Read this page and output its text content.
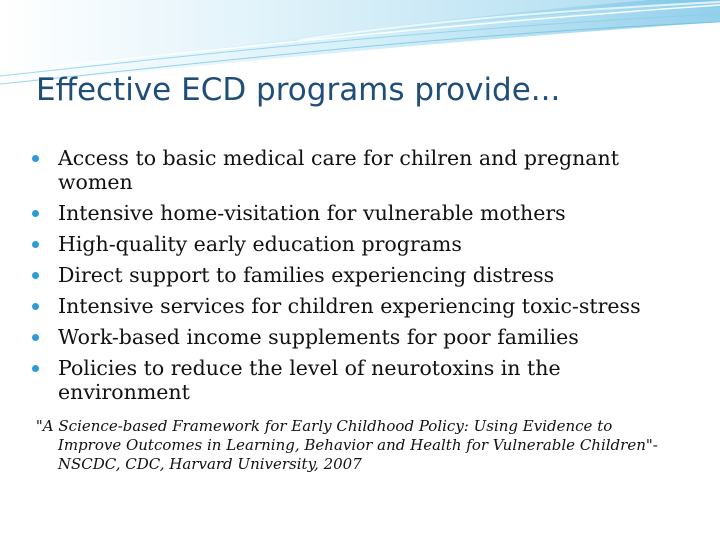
Effective ECD programs provide...
Access to basic medical care for chilren and pregnant women
Intensive home-visitation for vulnerable mothers
High-quality early education programs
Direct support to families experiencing distress
Intensive services for children experiencing toxic-stress
Work-based income supplements for poor families
Policies to reduce the level of neurotoxins in the environment

"A Science-based Framework for Early Childhood Policy: Using Evidence to
Improve Outcomes in Learning, Behavior and Health for Vulnerable Children"-
NSCDC, CDC, Harvard University, 2007
